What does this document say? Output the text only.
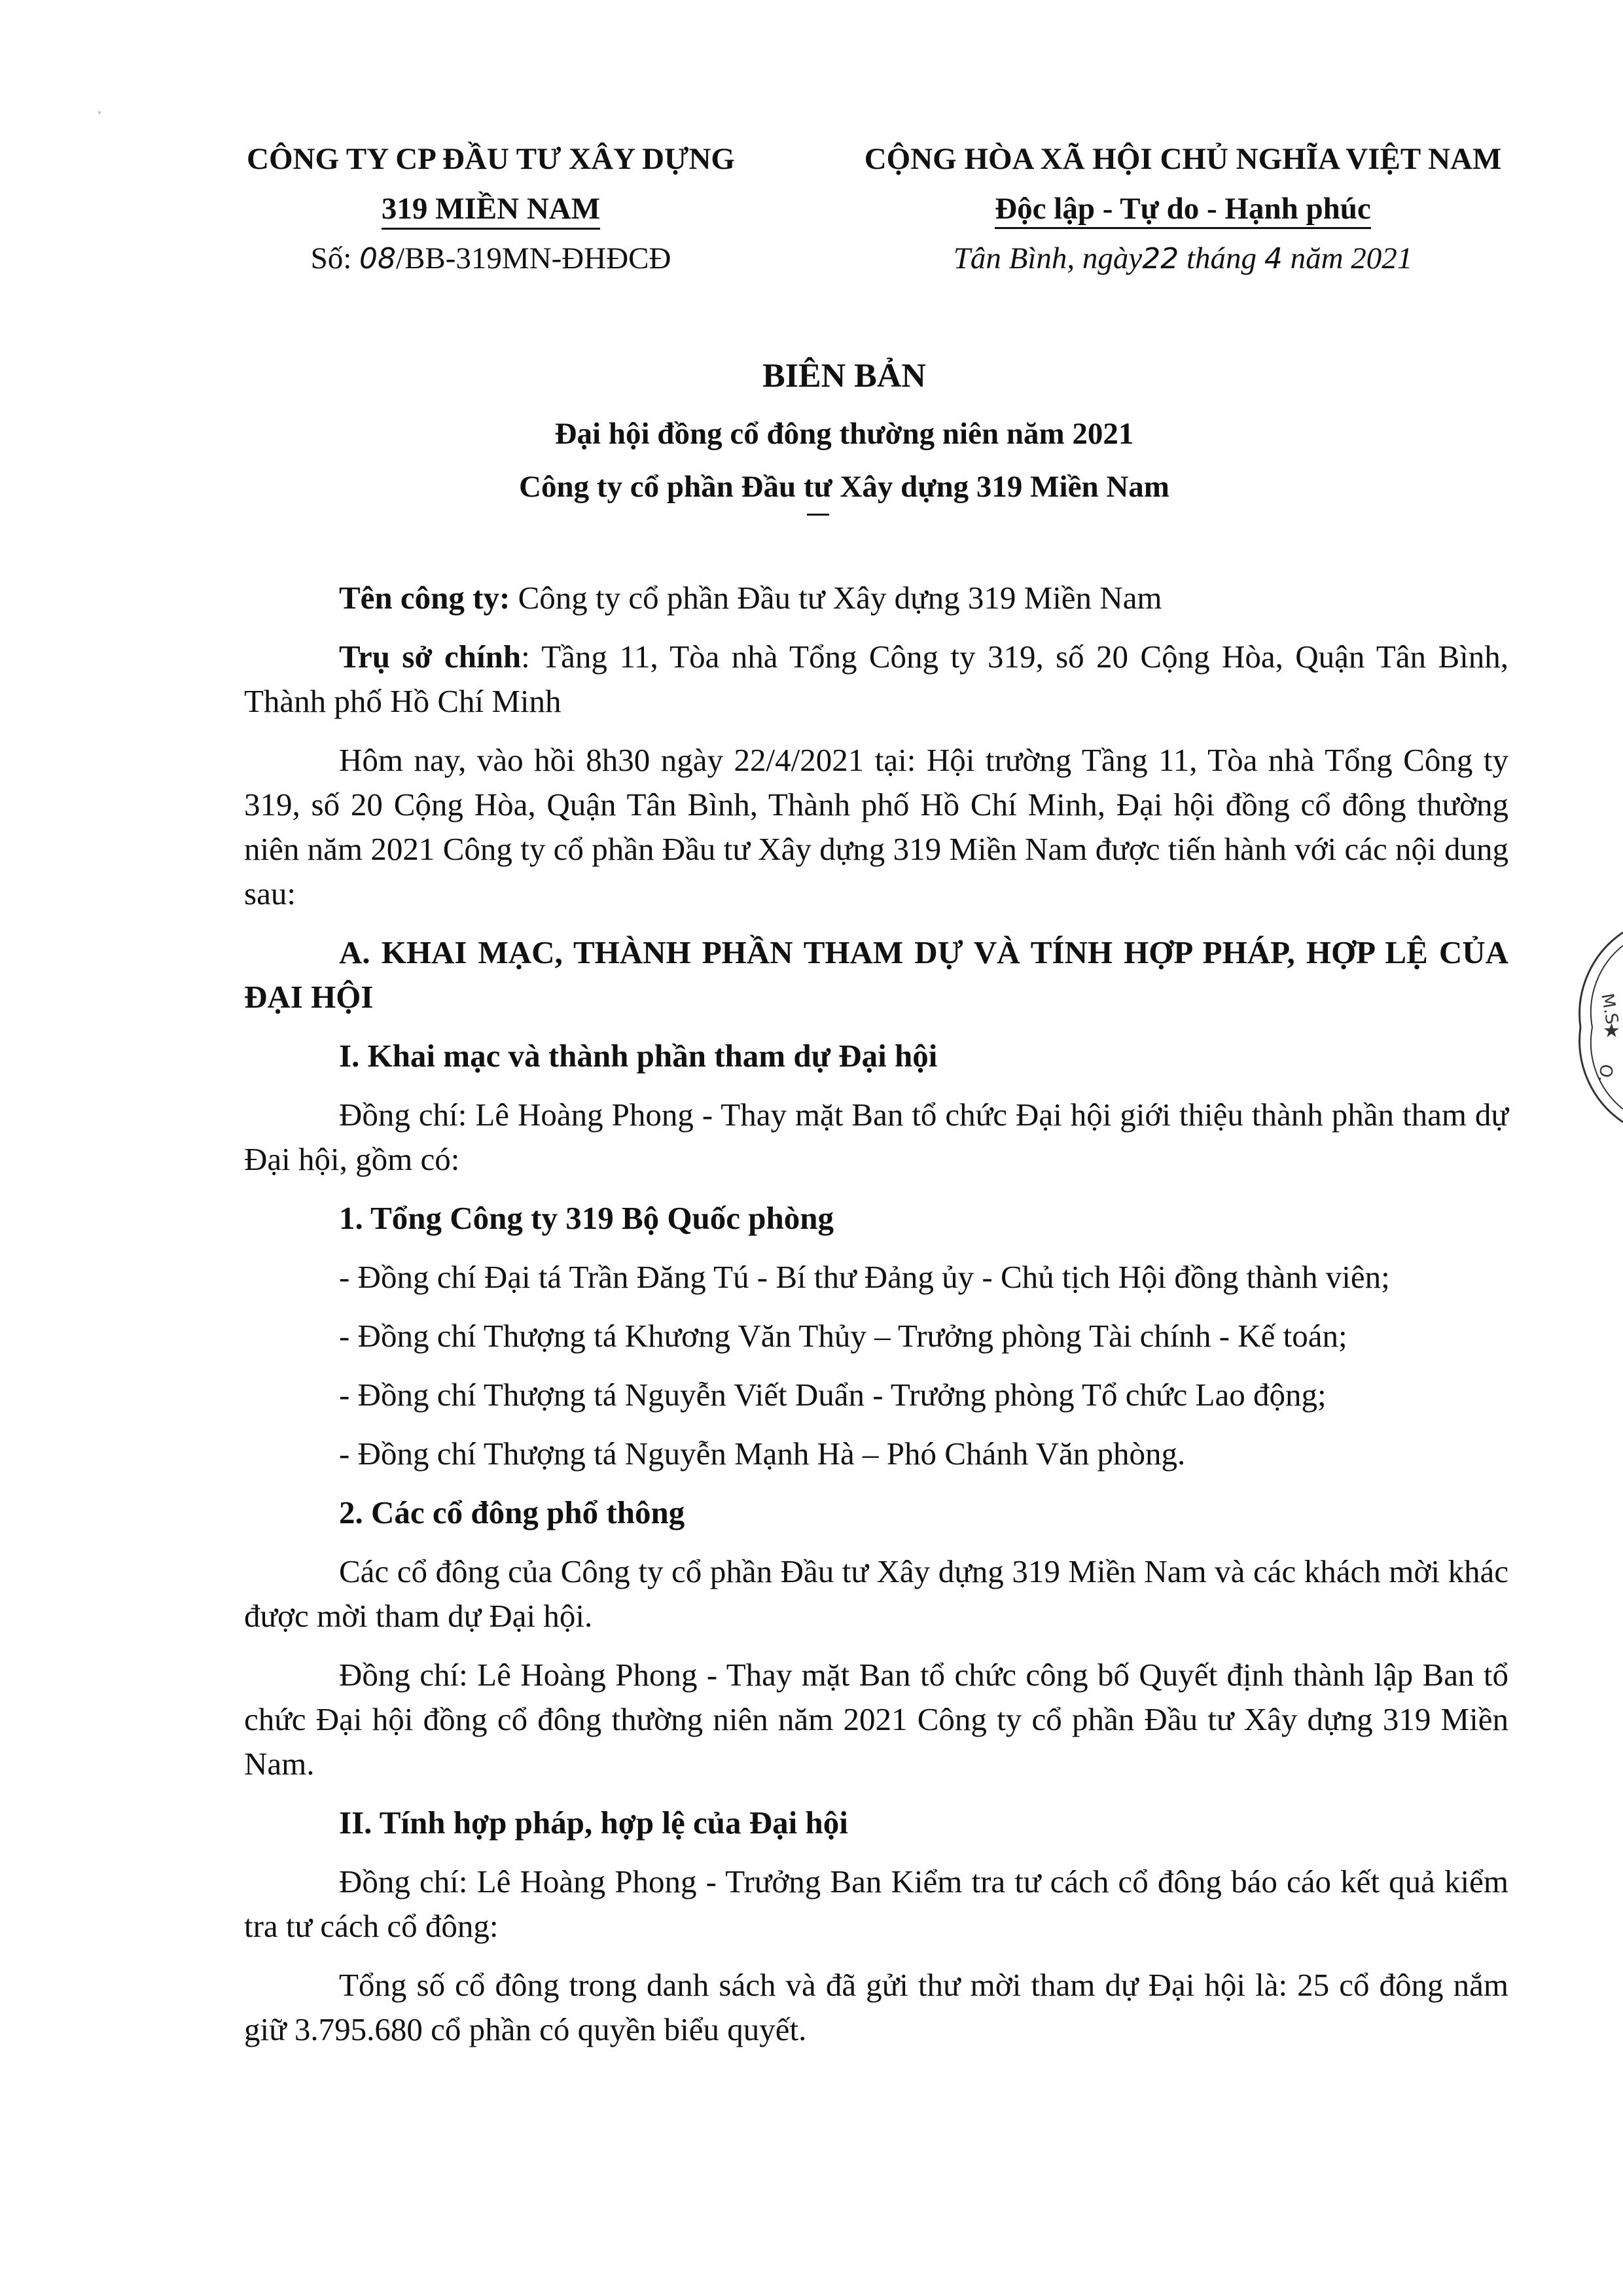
CÔNG TY CP ĐẦU TƯ XÂY DỰNG
319 MIỀN NAM
Số: 08/BB-319MN-ĐHĐCĐ
CỘNG HÒA XÃ HỘI CHỦ NGHĨA VIỆT NAM
Độc lập - Tự do - Hạnh phúc
Tân Bình, ngày22 tháng 4 năm 2021
BIÊN BẢN
Đại hội đồng cổ đông thường niên năm 2021
Công ty cổ phần Đầu tư Xây dựng 319 Miền Nam

Tên công ty: Công ty cổ phần Đầu tư Xây dựng 319 Miền Nam

Trụ sở chính: Tầng 11, Tòa nhà Tổng Công ty 319, số 20 Cộng Hòa, Quận Tân Bình, Thành phố Hồ Chí Minh

Hôm nay, vào hồi 8h30 ngày 22/4/2021 tại: Hội trường Tầng 11, Tòa nhà Tổng Công ty 319, số 20 Cộng Hòa, Quận Tân Bình, Thành phố Hồ Chí Minh, Đại hội đồng cổ đông thường niên năm 2021 Công ty cổ phần Đầu tư Xây dựng 319 Miền Nam được tiến hành với các nội dung sau:

A. KHAI MẠC, THÀNH PHẦN THAM DỰ VÀ TÍNH HỢP PHÁP, HỢP LỆ CỦA ĐẠI HỘI

I. Khai mạc và thành phần tham dự Đại hội

Đồng chí: Lê Hoàng Phong - Thay mặt Ban tổ chức Đại hội giới thiệu thành phần tham dự Đại hội, gồm có:

1. Tổng Công ty 319 Bộ Quốc phòng

- Đồng chí Đại tá Trần Đăng Tú - Bí thư Đảng ủy - Chủ tịch Hội đồng thành viên;

- Đồng chí Thượng tá Khương Văn Thủy – Trưởng phòng Tài chính - Kế toán;

- Đồng chí Thượng tá Nguyễn Viết Duẩn - Trưởng phòng Tổ chức Lao động;

- Đồng chí Thượng tá Nguyễn Mạnh Hà – Phó Chánh Văn phòng.

2. Các cổ đông phổ thông

Các cổ đông của Công ty cổ phần Đầu tư Xây dựng 319 Miền Nam và các khách mời khác được mời tham dự Đại hội.

Đồng chí: Lê Hoàng Phong - Thay mặt Ban tổ chức công bố Quyết định thành lập Ban tổ chức Đại hội đồng cổ đông thường niên năm 2021 Công ty cổ phần Đầu tư Xây dựng 319 Miền Nam.

II. Tính hợp pháp, hợp lệ của Đại hội

Đồng chí: Lê Hoàng Phong - Trưởng Ban Kiểm tra tư cách cổ đông báo cáo kết quả kiểm tra tư cách cổ đông:

Tổng số cổ đông trong danh sách và đã gửi thư mời tham dự Đại hội là: 25 cổ đông nắm giữ 3.795.680 cổ phần có quyền biểu quyết.

M.S
★
O.
